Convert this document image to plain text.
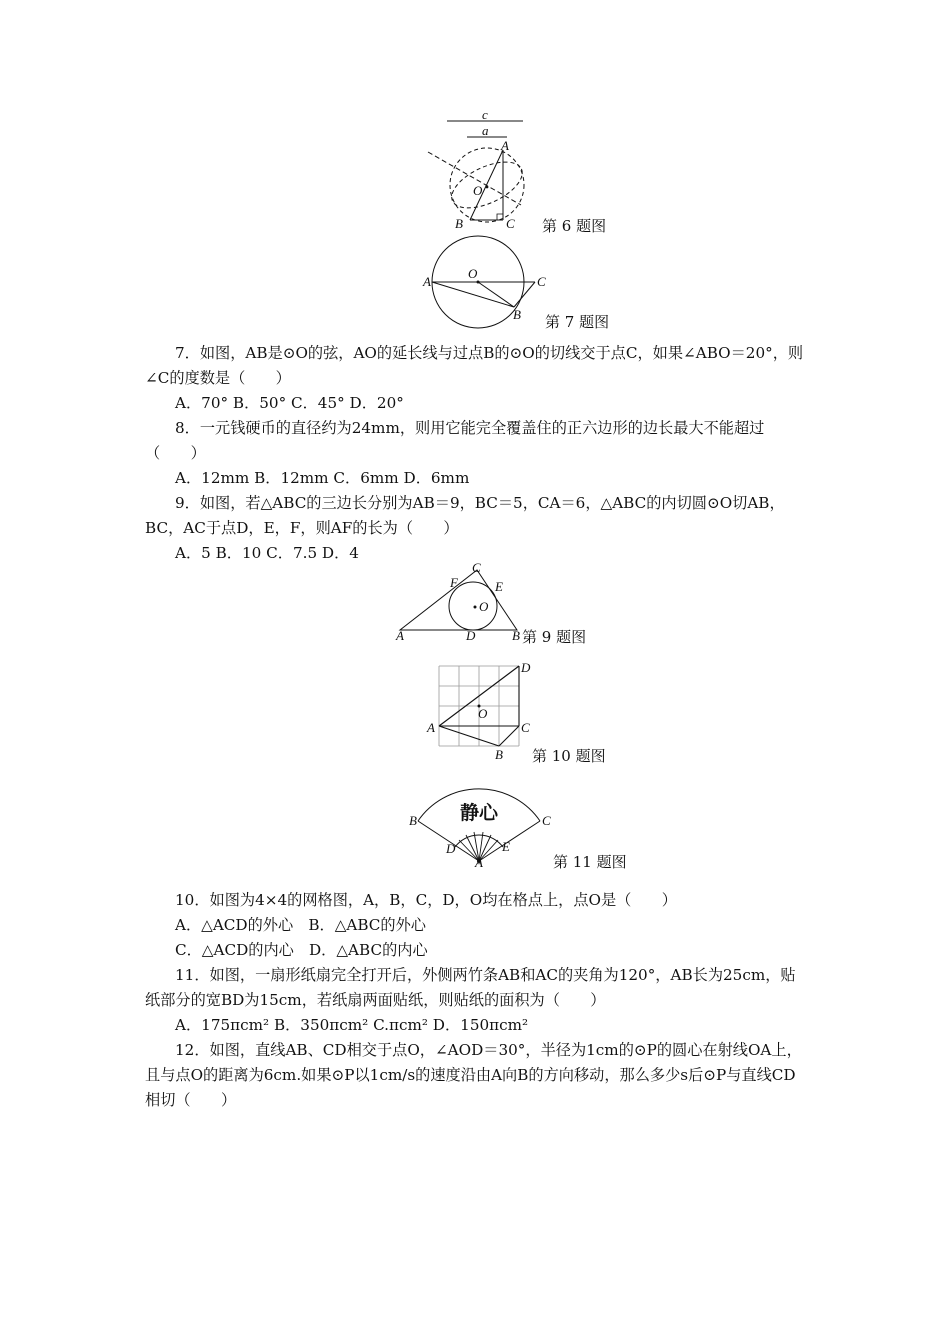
c
a
A
O
B	C 第 6 题图
A
O
C
B 第 7 题图

7．如图，AB是⊙O的弦，AO的延长线与过点B的⊙O的切线交于点C，如果∠ABO＝20°，则∠C的度数是（　　）

A．70° B．50° C．45° D．20°

8．一元钱硬币的直径约为24mm，则用它能完全覆盖住的正六边形的边长最大不能超过（　　）

A．12mm B．12mm C．6mm D．6mm

9．如图，若△ABC的三边长分别为AB＝9，BC＝5，CA＝6，△ABC的内切圆⊙O切AB，BC，AC于点D，E，F，则AF的长为（　　）

A．5 B．10 C．7.5 D．4

C
F	E
O
A	D	B 第 9 题图
D
O
A	C
B 第 10 题图
静心
B	C
D	E
A	第 11 题图

10．如图为4×4的网格图，A，B，C，D，O均在格点上，点O是（　　）

A．△ACD的外心　B．△ABC的外心

C．△ACD的内心　D．△ABC的内心

11．如图，一扇形纸扇完全打开后，外侧两竹条AB和AC的夹角为120°，AB长为25cm，贴纸部分的宽BD为15cm，若纸扇两面贴纸，则贴纸的面积为（　　）

A．175πcm² B．350πcm² C.πcm² D．150πcm²

12．如图，直线AB、CD相交于点O，∠AOD＝30°，半径为1cm的⊙P的圆心在射线OA上，且与点O的距离为6cm.如果⊙P以1cm/s的速度沿由A向B的方向移动，那么多少s后⊙P与直线CD相切（　　）
